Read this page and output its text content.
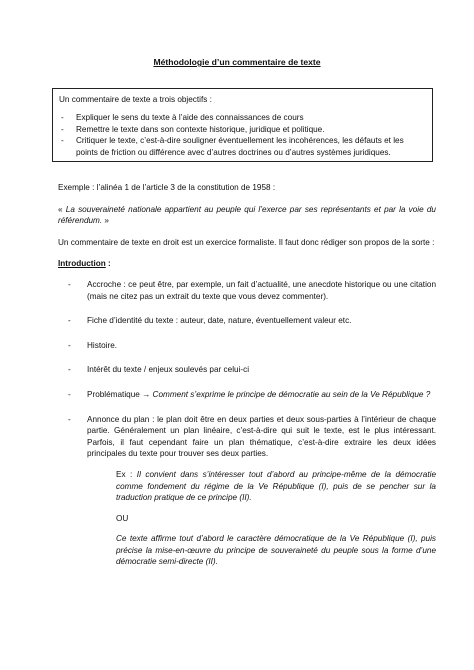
Méthodologie d’un commentaire de texte

Un commentaire de texte a trois objectifs :

- Expliquer le sens du texte à l’aide des connaissances de cours
- Remettre le texte dans son contexte historique, juridique et politique.
- Critiquer le texte, c’est-à-dire souligner éventuellement les incohérences, les défauts et les points de friction ou différence avec d’autres doctrines ou d’autres systèmes juridiques.

Exemple : l’alinéa 1 de l’article 3 de la constitution de 1958 :

« La souveraineté nationale appartient au peuple qui l’exerce par ses représentants et par la voie du référendum. »

Un commentaire de texte en droit est un exercice formaliste. Il faut donc rédiger son propos de la sorte :

Introduction :

- Accroche : ce peut être, par exemple, un fait d’actualité, une anecdote historique ou une citation (mais ne citez pas un extrait du texte que vous devez commenter).
- Fiche d’identité du texte : auteur, date, nature, éventuellement valeur etc.
- Histoire.
- Intérêt du texte / enjeux soulevés par celui-ci
- Problématique → Comment s’exprime le principe de démocratie au sein de la Ve République ?
- Annonce du plan : le plan doit être en deux parties et deux sous-parties à l’intérieur de chaque partie. Généralement un plan linéaire, c’est-à-dire qui suit le texte, est le plus intéressant. Parfois, il faut cependant faire un plan thématique, c’est-à-dire extraire les deux idées principales du texte pour trouver ses deux parties.

Ex : Il convient dans s’intéresser tout d’abord au principe-même de la démocratie comme fondement du régime de la Ve République (I), puis de se pencher sur la traduction pratique de ce principe (II).

OU

Ce texte affirme tout d’abord le caractère démocratique de la Ve République (I), puis précise la mise-en-œuvre du principe de souveraineté du peuple sous la forme d’une démocratie semi-directe (II).
